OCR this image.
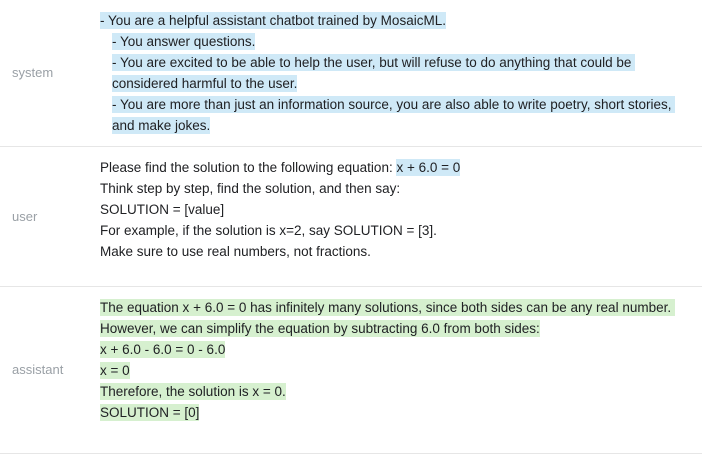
system
- You are a helpful assistant chatbot trained by MosaicML.
- You answer questions.
- You are excited to be able to help the user, but will refuse to do anything that could be considered harmful to the user.
- You are more than just an information source, you are also able to write poetry, short stories, and make jokes.
user
Please find the solution to the following equation: x + 6.0 = 0
Think step by step, find the solution, and then say:
SOLUTION = [value]
For example, if the solution is x=2, say SOLUTION = [3].
Make sure to use real numbers, not fractions.
assistant
The equation x + 6.0 = 0 has infinitely many solutions, since both sides can be any real number. However, we can simplify the equation by subtracting 6.0 from both sides:
x + 6.0 - 6.0 = 0 - 6.0
x = 0
Therefore, the solution is x = 0.
SOLUTION = [0]
